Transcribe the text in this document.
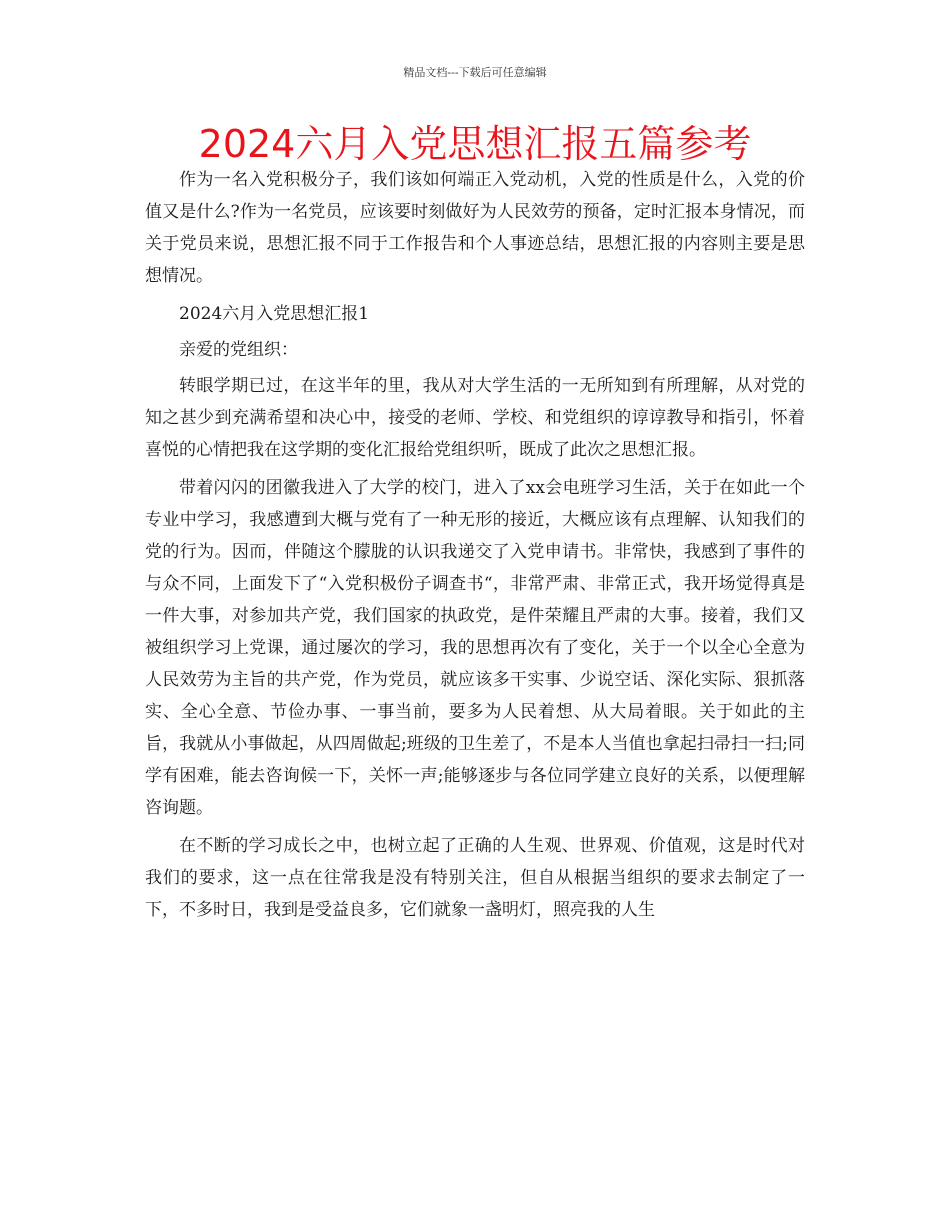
精品文档---下载后可任意编辑
2024六月入党思想汇报五篇参考

作为一名入党积极分子，我们该如何端正入党动机，入党的性质是什么，入党的价值又是什么?作为一名党员，应该要时刻做好为人民效劳的预备，定时汇报本身情况，而关于党员来说，思想汇报不同于工作报告和个人事迹总结，思想汇报的内容则主要是思想情况。

2024六月入党思想汇报1

亲爱的党组织：

转眼学期已过，在这半年的里，我从对大学生活的一无所知到有所理解，从对党的知之甚少到充满希望和决心中，接受的老师、学校、和党组织的谆谆教导和指引，怀着喜悦的心情把我在这学期的变化汇报给党组织听，既成了此次之思想汇报。

带着闪闪的团徽我进入了大学的校门，进入了xx会电班学习生活，关于在如此一个专业中学习，我感遭到大概与党有了一种无形的接近，大概应该有点理解、认知我们的党的行为。因而，伴随这个朦胧的认识我递交了入党申请书。非常快，我感到了事件的与众不同，上面发下了“入党积极份子调查书“，非常严肃、非常正式，我开场觉得真是一件大事，对参加共产党，我们国家的执政党，是件荣耀且严肃的大事。接着，我们又被组织学习上党课，通过屡次的学习，我的思想再次有了变化，关于一个以全心全意为人民效劳为主旨的共产党，作为党员，就应该多干实事、少说空话、深化实际、狠抓落实、全心全意、节俭办事、一事当前，要多为人民着想、从大局着眼。关于如此的主旨，我就从小事做起，从四周做起;班级的卫生差了，不是本人当值也拿起扫帚扫一扫;同学有困难，能去咨询候一下，关怀一声;能够逐步与各位同学建立良好的关系，以便理解咨询题。

在不断的学习成长之中，也树立起了正确的人生观、世界观、价值观，这是时代对我们的要求，这一点在往常我是没有特别关注，但自从根据当组织的要求去制定了一下，不多时日，我到是受益良多，它们就象一盏明灯，照亮我的人生
